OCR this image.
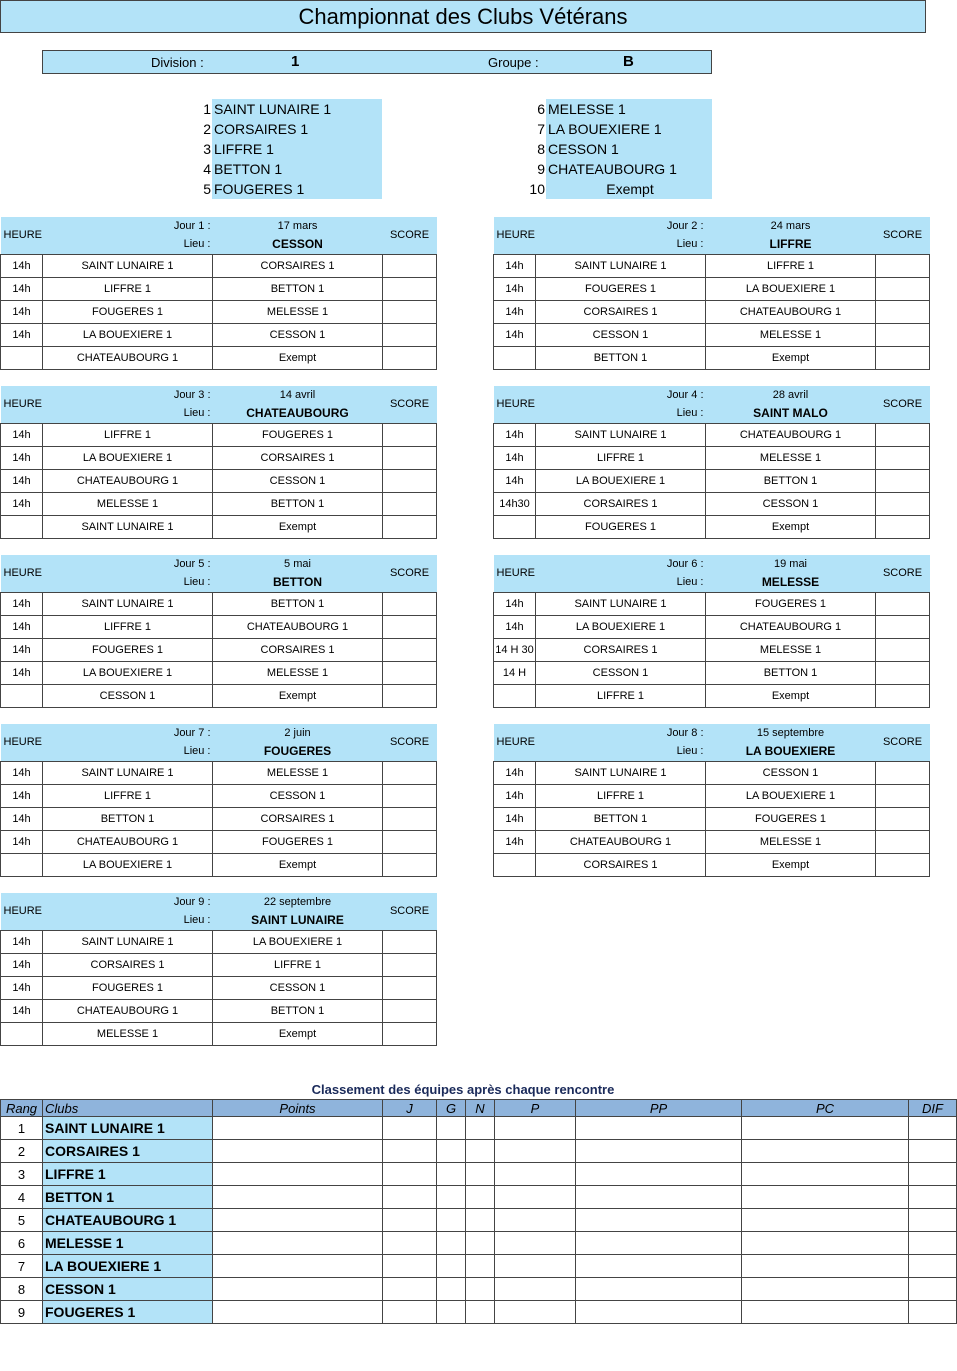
Championnat des Clubs Vétérans
Division :	1	Groupe :	B
1 SAINT LUNAIRE 1
2 CORSAIRES 1
3 LIFFRE 1
4 BETTON 1
5 FOUGERES 1
6 MELESSE 1
7 LA BOUEXIERE 1
8 CESSON 1
9 CHATEAUBOURG 1
10	Exempt
HEURE	Jour 1 :
Lieu :	17 mars
CESSON	SCORE
14h	SAINT LUNAIRE 1	CORSAIRES 1	
14h	LIFFRE 1	BETTON 1	
14h	FOUGERES 1	MELESSE 1	
14h	LA BOUEXIERE 1	CESSON 1	
	CHATEAUBOURG 1	Exempt	
HEURE	Jour 2 :
Lieu :	24 mars
LIFFRE	SCORE
14h	SAINT LUNAIRE 1	LIFFRE 1	
14h	FOUGERES 1	LA BOUEXIERE 1	
14h	CORSAIRES 1	CHATEAUBOURG 1	
14h	CESSON 1	MELESSE 1	
	BETTON 1	Exempt	
HEURE	Jour 3 :
Lieu :	14 avril
CHATEAUBOURG	SCORE
14h	LIFFRE 1	FOUGERES 1	
14h	LA BOUEXIERE 1	CORSAIRES 1	
14h	CHATEAUBOURG 1	CESSON 1	
14h	MELESSE 1	BETTON 1	
	SAINT LUNAIRE 1	Exempt	
HEURE	Jour 4 :
Lieu :	28 avril
SAINT MALO	SCORE
14h	SAINT LUNAIRE 1	CHATEAUBOURG 1	
14h	LIFFRE 1	MELESSE 1	
14h	LA BOUEXIERE 1	BETTON 1	
14h30	CORSAIRES 1	CESSON 1	
	FOUGERES 1	Exempt	
HEURE	Jour 5 :
Lieu :	5 mai
BETTON	SCORE
14h	SAINT LUNAIRE 1	BETTON 1	
14h	LIFFRE 1	CHATEAUBOURG 1	
14h	FOUGERES 1	CORSAIRES 1	
14h	LA BOUEXIERE 1	MELESSE 1	
	CESSON 1	Exempt	
HEURE	Jour 6 :
Lieu :	19 mai
MELESSE	SCORE
14h	SAINT LUNAIRE 1	FOUGERES 1	
14h	LA BOUEXIERE 1	CHATEAUBOURG 1	
14 H 30	CORSAIRES 1	MELESSE 1	
14 H	CESSON 1	BETTON 1	
	LIFFRE 1	Exempt	
HEURE	Jour 7 :
Lieu :	2 juin
FOUGERES	SCORE
14h	SAINT LUNAIRE 1	MELESSE 1	
14h	LIFFRE 1	CESSON 1	
14h	BETTON 1	CORSAIRES 1	
14h	CHATEAUBOURG 1	FOUGERES 1	
	LA BOUEXIERE 1	Exempt	
HEURE	Jour 8 :
Lieu :	15 septembre
LA BOUEXIERE	SCORE
14h	SAINT LUNAIRE 1	CESSON 1	
14h	LIFFRE 1	LA BOUEXIERE 1	
14h	BETTON 1	FOUGERES 1	
14h	CHATEAUBOURG 1	MELESSE 1	
	CORSAIRES 1	Exempt	
HEURE	Jour 9 :
Lieu :	22 septembre
SAINT LUNAIRE	SCORE
14h	SAINT LUNAIRE 1	LA BOUEXIERE 1	
14h	CORSAIRES 1	LIFFRE 1	
14h	FOUGERES 1	CESSON 1	
14h	CHATEAUBOURG 1	BETTON 1	
	MELESSE 1	Exempt	
Classement des équipes après chaque rencontre
Rang	Clubs	Points	J	G	N	P	PP	PC	DIF
1	SAINT LUNAIRE 1								
2	CORSAIRES 1								
3	LIFFRE 1								
4	BETTON 1								
5	CHATEAUBOURG 1								
6	MELESSE 1								
7	LA BOUEXIERE 1								
8	CESSON 1								
9	FOUGERES 1								
